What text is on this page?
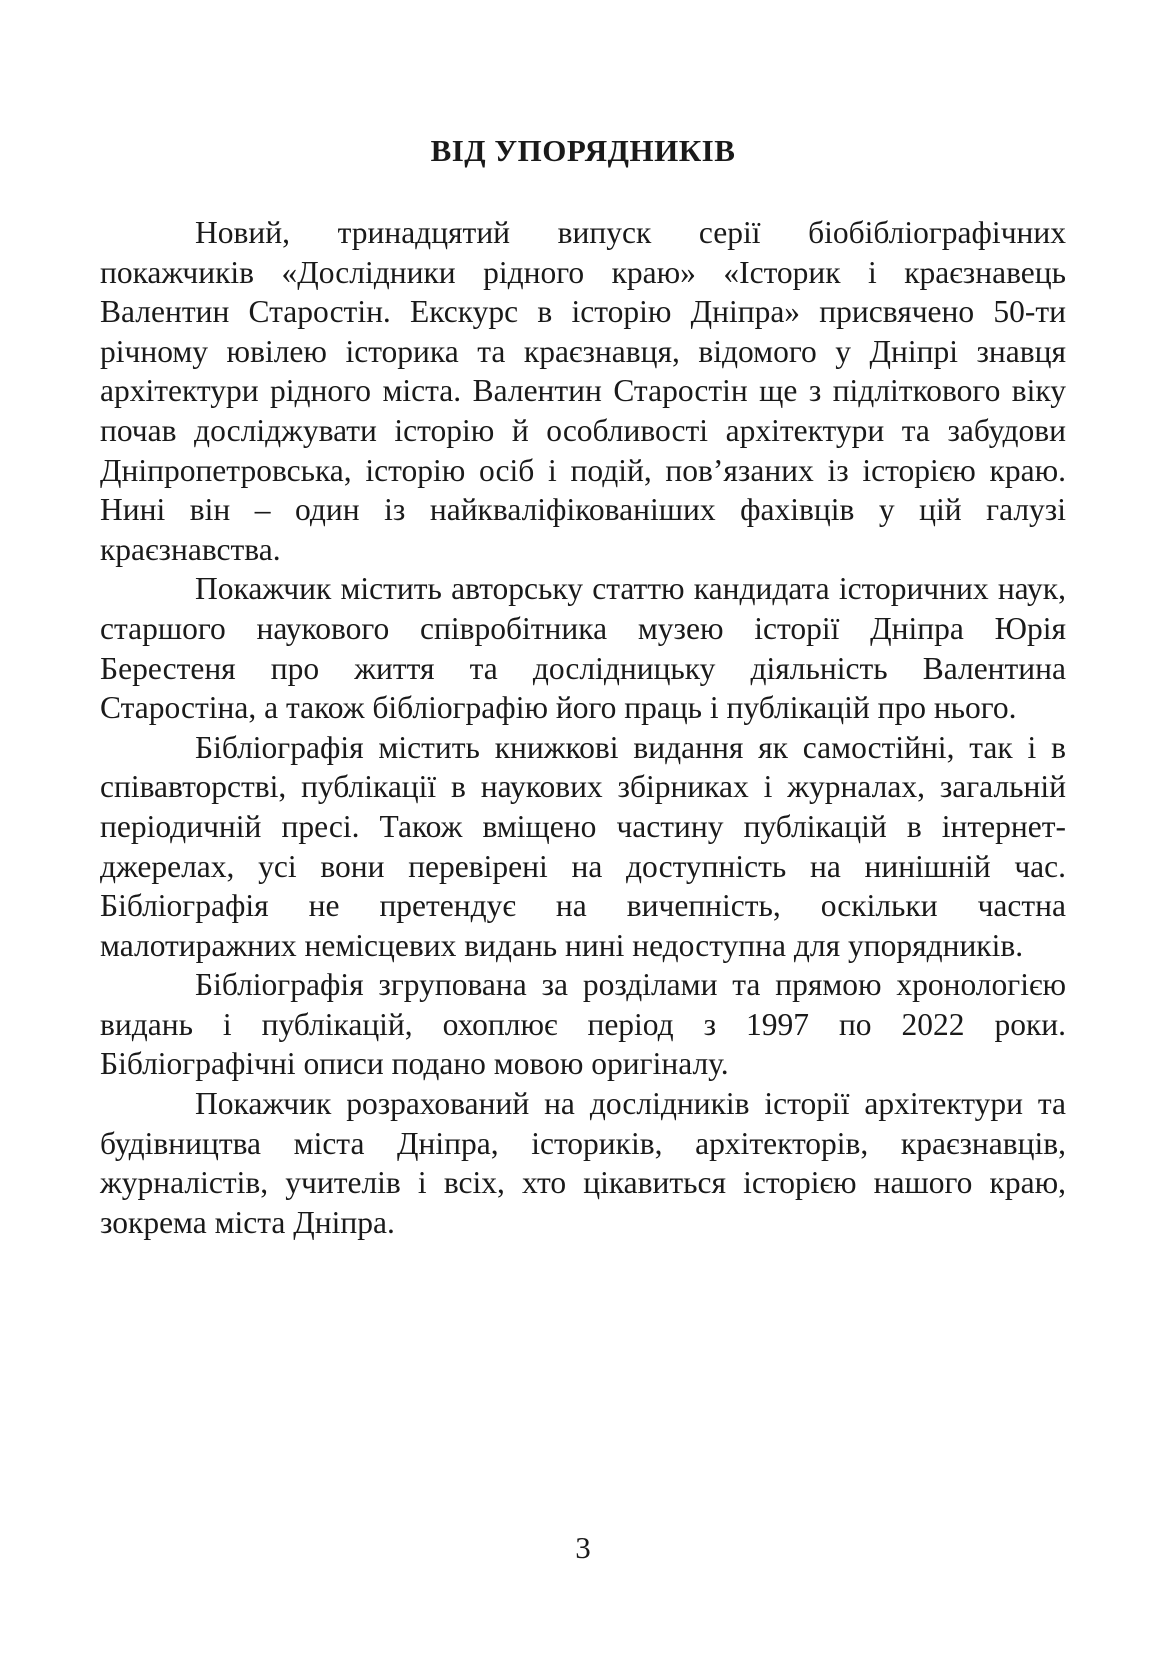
ВІД УПОРЯДНИКІВ

Новий, тринадцятий випуск серії біобібліографічних покажчиків «Дослідники рідного краю» «Історик і краєзнавець Валентин Старостін. Екскурс в історію Дніпра» присвячено 50-ти річному ювілею історика та краєзнавця, відомого у Дніпрі знавця архітектури рідного міста. Валентин Старостін ще з підліткового віку почав досліджувати історію й особливості архітектури та забудови Дніпропетровська, історію осіб і подій, пов’язаних із історією краю. Нині він – один із найкваліфікованіших фахівців у цій галузі краєзнавства.

Покажчик містить авторську статтю кандидата історичних наук, старшого наукового співробітника музею історії Дніпра Юрія Берестеня про життя та дослідницьку діяльність Валентина Старостіна, а також бібліографію його праць і публікацій про нього.

Бібліографія містить книжкові видання як самостійні, так і в співавторстві, публікації в наукових збірниках і журналах, загальній періодичній пресі. Також вміщено частину публікацій в інтернет-джерелах, усі вони перевірені на доступність на нинішній час. Бібліографія не претендує на вичепність, оскільки частна малотиражних немісцевих видань нині недоступна для упорядників.

Бібліографія згрупована за розділами та прямою хронологією видань і публікацій, охоплює період з 1997 по 2022 роки. Бібліографічні описи подано мовою оригіналу.

Покажчик розрахований на дослідників історії архітектури та будівництва міста Дніпра, істориків, архітекторів, краєзнавців, журналістів, учителів і всіх, хто цікавиться історією нашого краю, зокрема міста Дніпра.

3
